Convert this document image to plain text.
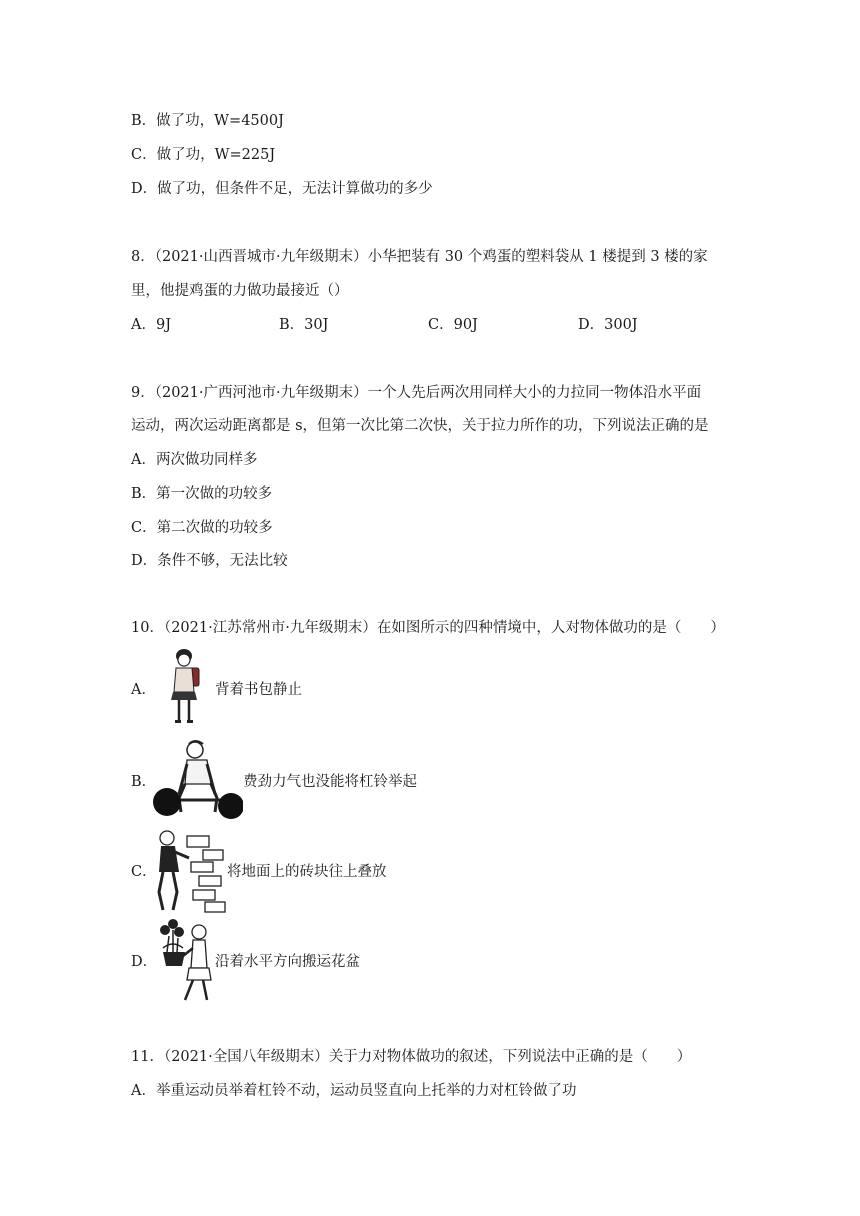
B．做了功，W=4500J
C．做了功，W=225J
D．做了功，但条件不足，无法计算做功的多少
8．（2021·山西晋城市·九年级期末）小华把装有 30 个鸡蛋的塑料袋从 1 楼提到 3 楼的家
里，他提鸡蛋的力做功最接近（）
A．9J	B．30J	C．90J	D．300J
9．（2021·广西河池市·九年级期末）一个人先后两次用同样大小的力拉同一物体沿水平面
运动，两次运动距离都是 s，但第一次比第二次快，关于拉力所作的功，下列说法正确的是
A．两次做功同样多
B．第一次做的功较多
C．第二次做的功较多
D．条件不够，无法比较
10．（2021·江苏常州市·九年级期末）在如图所示的四种情境中，人对物体做功的是（　　）
A．	背着书包静止
B．	费劲力气也没能将杠铃举起
C．	将地面上的砖块往上叠放
D．	沿着水平方向搬运花盆
11．（2021·全国八年级期末）关于力对物体做功的叙述，下列说法中正确的是（　　）
A．举重运动员举着杠铃不动，运动员竖直向上托举的力对杠铃做了功
